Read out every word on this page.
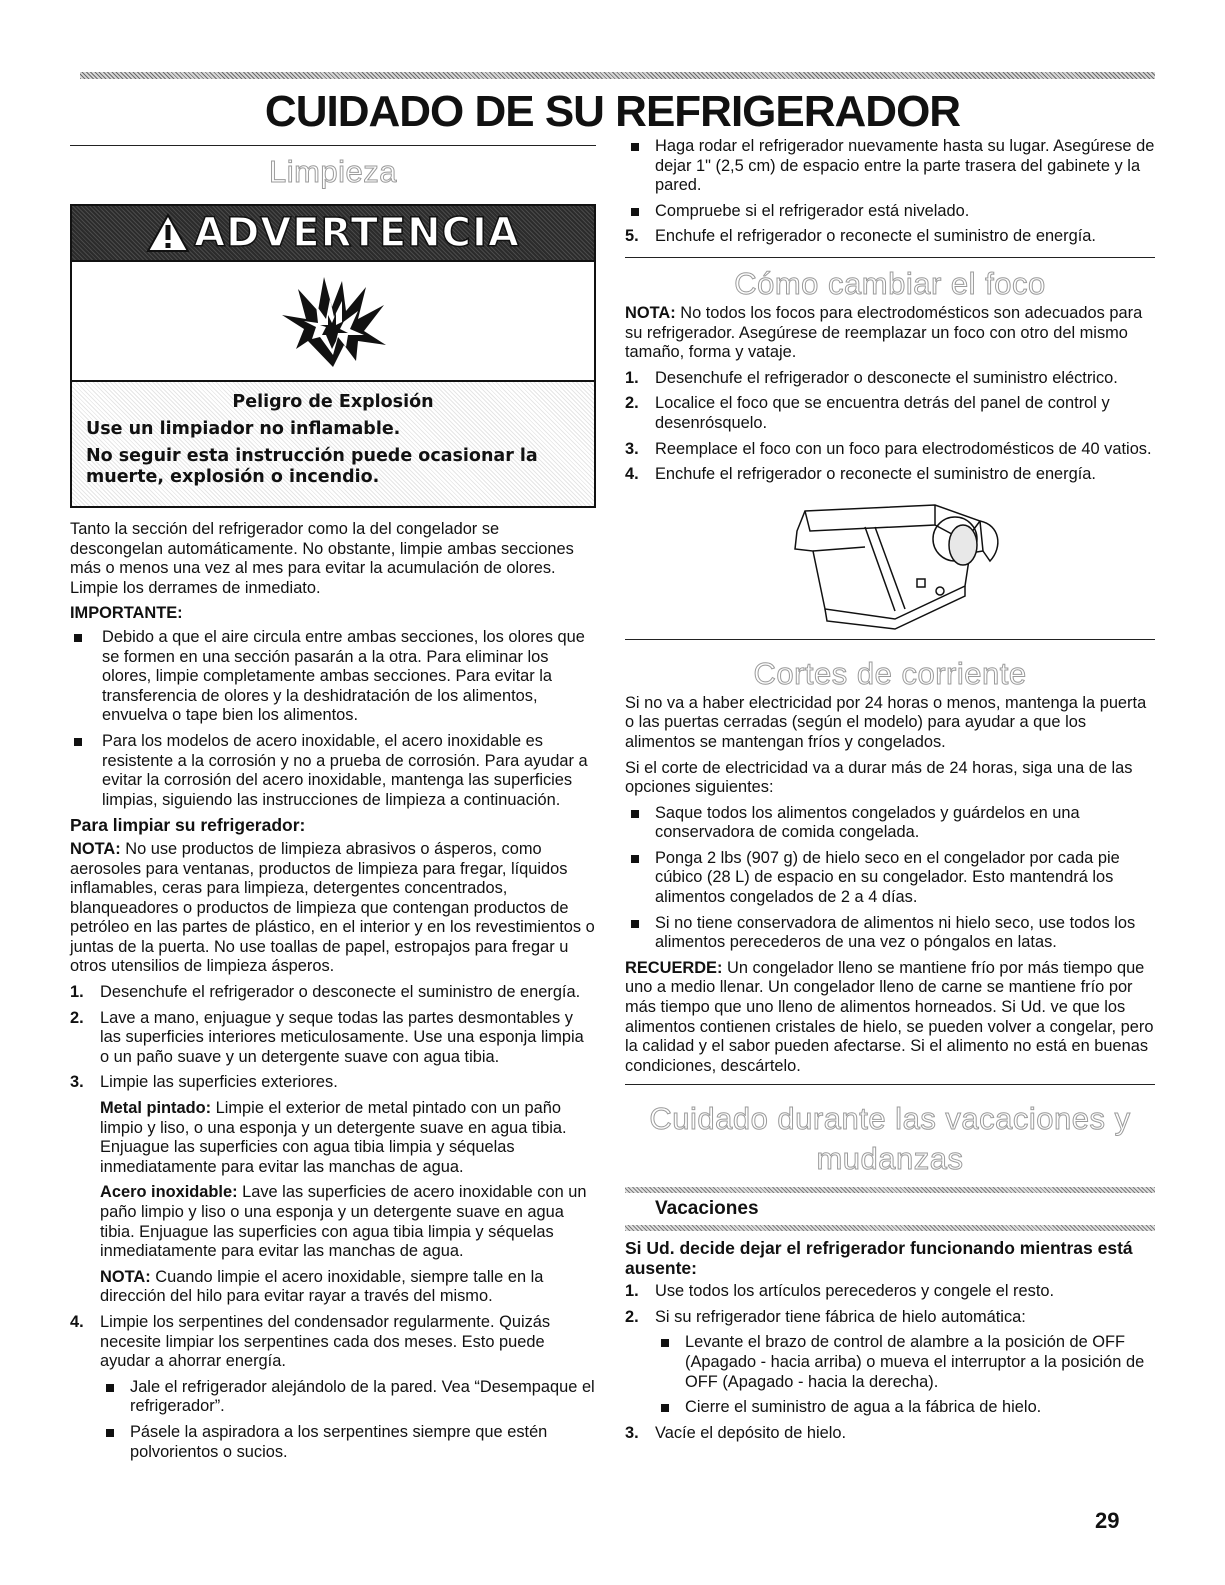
CUIDADO DE SU REFRIGERADOR
Limpieza
ADVERTENCIA

Peligro de Explosión

Use un limpiador no inflamable.

No seguir esta instrucción puede ocasionar la muerte, explosión o incendio.

Tanto la sección del refrigerador como la del congelador se descongelan automáticamente. No obstante, limpie ambas secciones más o menos una vez al mes para evitar la acumulación de olores. Limpie los derrames de inmediato.

IMPORTANTE:

Debido a que el aire circula entre ambas secciones, los olores que se formen en una sección pasarán a la otra. Para eliminar los olores, limpie completamente ambas secciones. Para evitar la transferencia de olores y la deshidratación de los alimentos, envuelva o tape bien los alimentos.
Para los modelos de acero inoxidable, el acero inoxidable es resistente a la corrosión y no a prueba de corrosión. Para ayudar a evitar la corrosión del acero inoxidable, mantenga las superficies limpias, siguiendo las instrucciones de limpieza a continuación.

Para limpiar su refrigerador:

NOTA: No use productos de limpieza abrasivos o ásperos, como aerosoles para ventanas, productos de limpieza para fregar, líquidos inflamables, ceras para limpieza, detergentes concentrados, blanqueadores o productos de limpieza que contengan productos de petróleo en las partes de plástico, en el interior y en los revestimientos o juntas de la puerta. No use toallas de papel, estropajos para fregar u otros utensilios de limpieza ásperos.

1. Desenchufe el refrigerador o desconecte el suministro de energía.
2. Lave a mano, enjuague y seque todas las partes desmontables y las superficies interiores meticulosamente. Use una esponja limpia o un paño suave y un detergente suave con agua tibia.
3. Limpie las superficies exteriores.

Metal pintado: Limpie el exterior de metal pintado con un paño limpio y liso, o una esponja y un detergente suave en agua tibia. Enjuague las superficies con agua tibia limpia y séquelas inmediatamente para evitar las manchas de agua.

Acero inoxidable: Lave las superficies de acero inoxidable con un paño limpio y liso o una esponja y un detergente suave en agua tibia. Enjuague las superficies con agua tibia limpia y séquelas inmediatamente para evitar las manchas de agua.

NOTA: Cuando limpie el acero inoxidable, siempre talle en la dirección del hilo para evitar rayar a través del mismo.

4. Limpie los serpentines del condensador regularmente. Quizás necesite limpiar los serpentines cada dos meses. Esto puede ayudar a ahorrar energía.
Jale el refrigerador alejándolo de la pared. Vea “Desempaque el refrigerador”.
Pásele la aspiradora a los serpentines siempre que estén polvorientos o sucios.
Haga rodar el refrigerador nuevamente hasta su lugar. Asegúrese de dejar 1" (2,5 cm) de espacio entre la parte trasera del gabinete y la pared.
Compruebe si el refrigerador está nivelado.
5. Enchufe el refrigerador o reconecte el suministro de energía.
Cómo cambiar el foco

NOTA: No todos los focos para electrodomésticos son adecuados para su refrigerador. Asegúrese de reemplazar un foco con otro del mismo tamaño, forma y vataje.

1. Desenchufe el refrigerador o desconecte el suministro eléctrico.
2. Localice el foco que se encuentra detrás del panel de control y desenrósquelo.
3. Reemplace el foco con un foco para electrodomésticos de 40 vatios.
4. Enchufe el refrigerador o reconecte el suministro de energía.
Cortes de corriente

Si no va a haber electricidad por 24 horas o menos, mantenga la puerta o las puertas cerradas (según el modelo) para ayudar a que los alimentos se mantengan fríos y congelados.

Si el corte de electricidad va a durar más de 24 horas, siga una de las opciones siguientes:

Saque todos los alimentos congelados y guárdelos en una conservadora de comida congelada.
Ponga 2 lbs (907 g) de hielo seco en el congelador por cada pie cúbico (28 L) de espacio en su congelador. Esto mantendrá los alimentos congelados de 2 a 4 días.
Si no tiene conservadora de alimentos ni hielo seco, use todos los alimentos perecederos de una vez o póngalos en latas.

RECUERDE: Un congelador lleno se mantiene frío por más tiempo que uno a medio llenar. Un congelador lleno de carne se mantiene frío por más tiempo que uno lleno de alimentos horneados. Si Ud. ve que los alimentos contienen cristales de hielo, se pueden volver a congelar, pero la calidad y el sabor pueden afectarse. Si el alimento no está en buenas condiciones, descártelo.

Cuidado durante las vacaciones y
mudanzas

Vacaciones

Si Ud. decide dejar el refrigerador funcionando mientras está ausente:

1. Use todos los artículos perecederos y congele el resto.
2. Si su refrigerador tiene fábrica de hielo automática:
Levante el brazo de control de alambre a la posición de OFF (Apagado - hacia arriba) o mueva el interruptor a la posición de OFF (Apagado - hacia la derecha).
Cierre el suministro de agua a la fábrica de hielo.
3. Vacíe el depósito de hielo.
29
